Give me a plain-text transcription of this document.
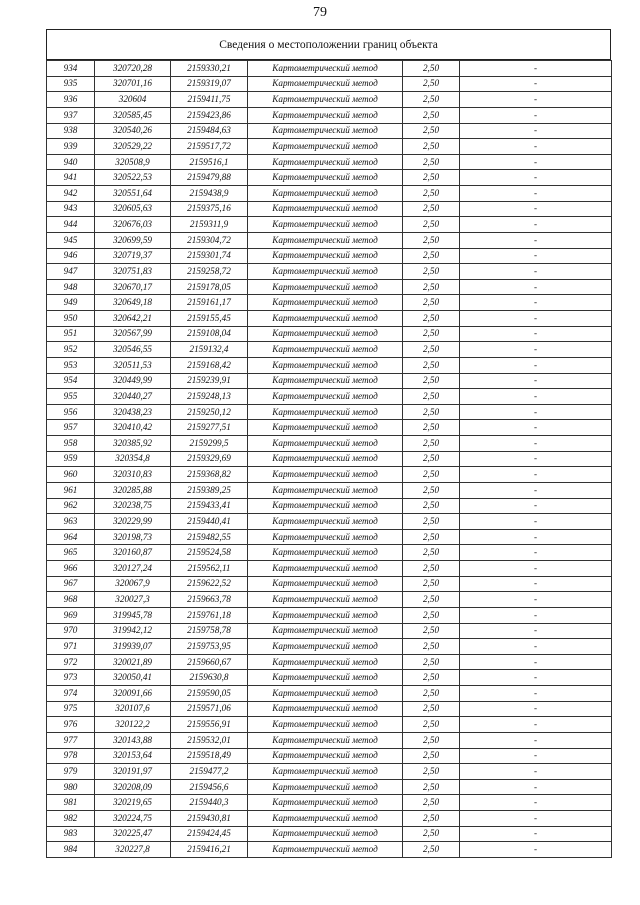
79
Сведения о местоположении границ объекта
934	320720,28	2159330,21	Картометрический метод	2,50	-
935	320701,16	2159319,07	Картометрический метод	2,50	-
936	320604	2159411,75	Картометрический метод	2,50	-
937	320585,45	2159423,86	Картометрический метод	2,50	-
938	320540,26	2159484,63	Картометрический метод	2,50	-
939	320529,22	2159517,72	Картометрический метод	2,50	-
940	320508,9	2159516,1	Картометрический метод	2,50	-
941	320522,53	2159479,88	Картометрический метод	2,50	-
942	320551,64	2159438,9	Картометрический метод	2,50	-
943	320605,63	2159375,16	Картометрический метод	2,50	-
944	320676,03	2159311,9	Картометрический метод	2,50	-
945	320699,59	2159304,72	Картометрический метод	2,50	-
946	320719,37	2159301,74	Картометрический метод	2,50	-
947	320751,83	2159258,72	Картометрический метод	2,50	-
948	320670,17	2159178,05	Картометрический метод	2,50	-
949	320649,18	2159161,17	Картометрический метод	2,50	-
950	320642,21	2159155,45	Картометрический метод	2,50	-
951	320567,99	2159108,04	Картометрический метод	2,50	-
952	320546,55	2159132,4	Картометрический метод	2,50	-
953	320511,53	2159168,42	Картометрический метод	2,50	-
954	320449,99	2159239,91	Картометрический метод	2,50	-
955	320440,27	2159248,13	Картометрический метод	2,50	-
956	320438,23	2159250,12	Картометрический метод	2,50	-
957	320410,42	2159277,51	Картометрический метод	2,50	-
958	320385,92	2159299,5	Картометрический метод	2,50	-
959	320354,8	2159329,69	Картометрический метод	2,50	-
960	320310,83	2159368,82	Картометрический метод	2,50	-
961	320285,88	2159389,25	Картометрический метод	2,50	-
962	320238,75	2159433,41	Картометрический метод	2,50	-
963	320229,99	2159440,41	Картометрический метод	2,50	-
964	320198,73	2159482,55	Картометрический метод	2,50	-
965	320160,87	2159524,58	Картометрический метод	2,50	-
966	320127,24	2159562,11	Картометрический метод	2,50	-
967	320067,9	2159622,52	Картометрический метод	2,50	-
968	320027,3	2159663,78	Картометрический метод	2,50	-
969	319945,78	2159761,18	Картометрический метод	2,50	-
970	319942,12	2159758,78	Картометрический метод	2,50	-
971	319939,07	2159753,95	Картометрический метод	2,50	-
972	320021,89	2159660,67	Картометрический метод	2,50	-
973	320050,41	2159630,8	Картометрический метод	2,50	-
974	320091,66	2159590,05	Картометрический метод	2,50	-
975	320107,6	2159571,06	Картометрический метод	2,50	-
976	320122,2	2159556,91	Картометрический метод	2,50	-
977	320143,88	2159532,01	Картометрический метод	2,50	-
978	320153,64	2159518,49	Картометрический метод	2,50	-
979	320191,97	2159477,2	Картометрический метод	2,50	-
980	320208,09	2159456,6	Картометрический метод	2,50	-
981	320219,65	2159440,3	Картометрический метод	2,50	-
982	320224,75	2159430,81	Картометрический метод	2,50	-
983	320225,47	2159424,45	Картометрический метод	2,50	-
984	320227,8	2159416,21	Картометрический метод	2,50	-
